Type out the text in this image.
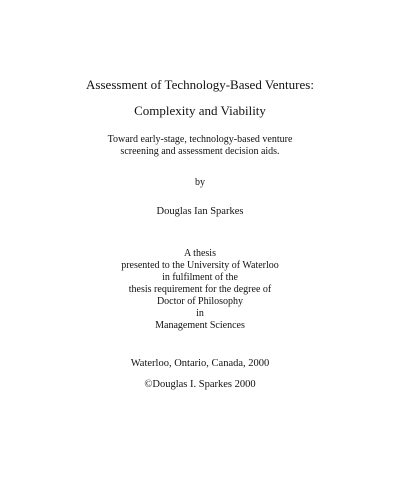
Assessment of Technology-Based Ventures:
Complexity and Viability
Toward early-stage, technology-based venture
screening and assessment decision aids.
by
Douglas Ian Sparkes
A thesis
presented to the University of Waterloo
in fulfilment of the
thesis requirement for the degree of
Doctor of Philosophy
in
Management Sciences
Waterloo, Ontario, Canada, 2000
©Douglas I. Sparkes 2000
